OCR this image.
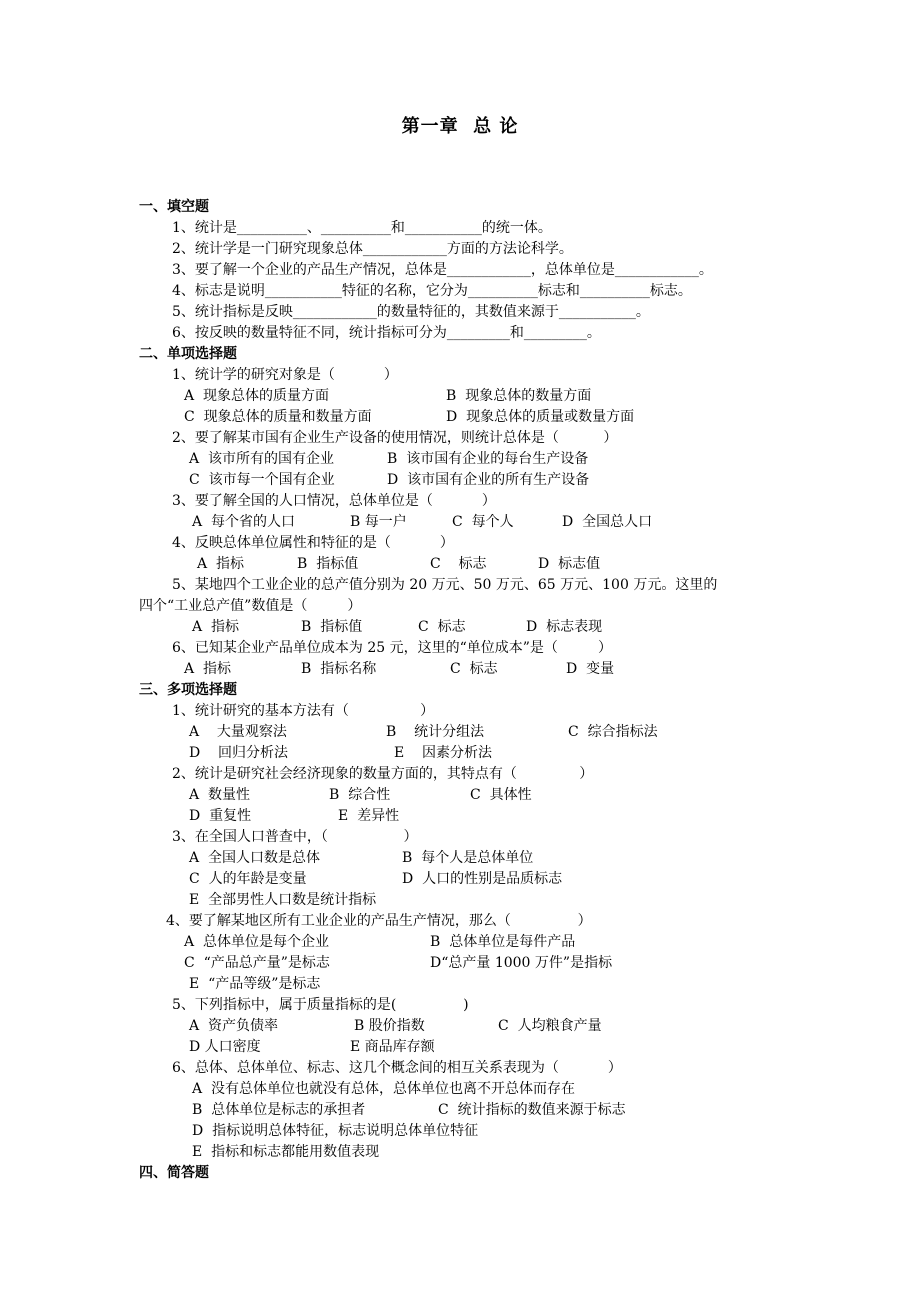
第一章  总 论
一、填空题
1、统计是__________、__________和___________的统一体。
2、统计学是一门研究现象总体____________方面的方法论科学。
3、要了解一个企业的产品生产情况，总体是____________，总体单位是____________。
4、标志是说明___________特征的名称，它分为__________标志和__________标志。
5、统计指标是反映____________的数量特征的，其数值来源于___________。
6、按反映的数量特征不同，统计指标可分为_________和_________。
二、单项选择题
1、统计学的研究对象是（           ）
A  现象总体的质量方面	B  现象总体的数量方面
C  现象总体的质量和数量方面	D  现象总体的质量或数量方面
2、要了解某市国有企业生产设备的使用情况，则统计总体是（          ）
A  该市所有的国有企业	B  该市国有企业的每台生产设备
C  该市每一个国有企业	D  该市国有企业的所有生产设备
3、要了解全国的人口情况，总体单位是（           ）
A  每个省的人口	B 每一户	C  每个人	D  全国总人口
4、反映总体单位属性和特征的是（           ）
A  指标	B  指标值	C    标志	D  标志值
5、某地四个工业企业的总产值分别为 20 万元、50 万元、65 万元、100 万元。这里的
四个“工业总产值”数值是（         ）
A  指标	B  指标值	C  标志	D  标志表现
6、已知某企业产品单位成本为 25 元，这里的“单位成本”是（         ）
A  指标	B  指标名称	C  标志	D  变量
三、多项选择题
1、统计研究的基本方法有（                ）
A    大量观察法	B    统计分组法	C  综合指标法
D    回归分析法	E    因素分析法
2、统计是研究社会经济现象的数量方面的，其特点有（              ）
A  数量性	B  综合性	C  具体性
D  重复性	E  差异性
3、在全国人口普查中，（                 ）
A  全国人口数是总体	B  每个人是总体单位
C  人的年龄是变量	D  人口的性别是品质标志
E  全部男性人口数是统计指标
4、要了解某地区所有工业企业的产品生产情况，那么（               ）
A  总体单位是每个企业	B  总体单位是每件产品
C  “产品总产量”是标志	D“总产量 1000 万件”是指标
E  “产品等级”是标志
5、下列指标中，属于质量指标的是(               )
A  资产负债率	B 股价指数	C  人均粮食产量
D 人口密度	E 商品库存额
6、总体、总体单位、标志、这几个概念间的相互关系表现为（           ）
A  没有总体单位也就没有总体，总体单位也离不开总体而存在
B  总体单位是标志的承担者	C  统计指标的数值来源于标志
D  指标说明总体特征，标志说明总体单位特征
E  指标和标志都能用数值表现
四、简答题
